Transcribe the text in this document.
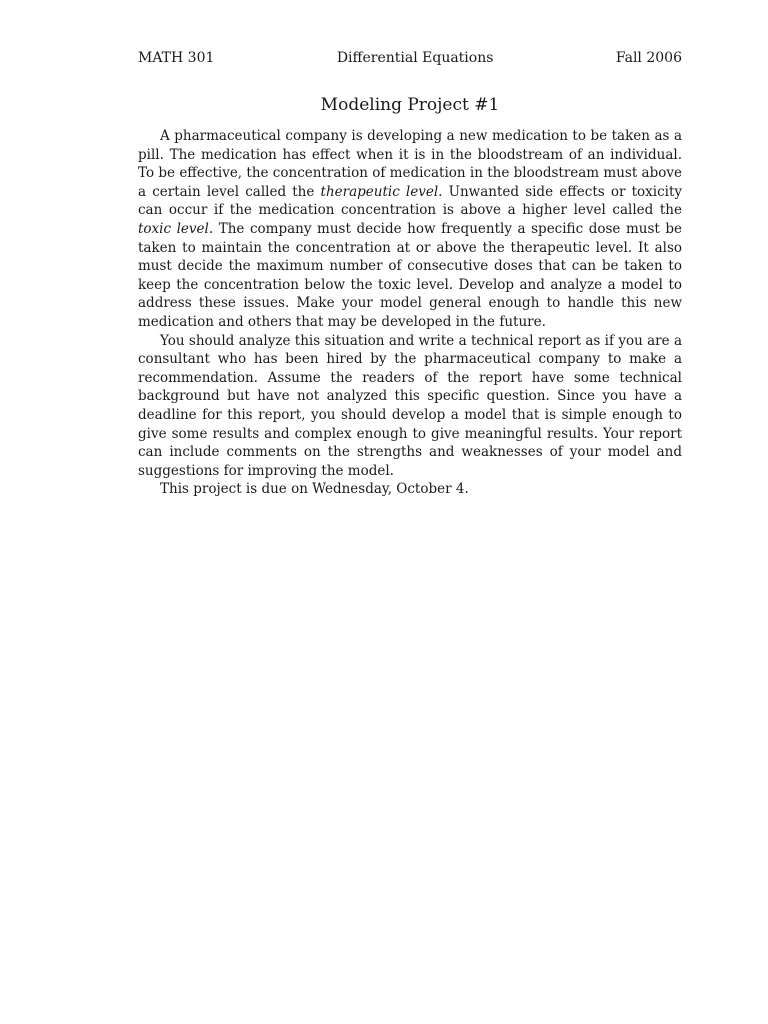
MATH 301	Differential Equations	Fall 2006
Modeling Project #1

A pharmaceutical company is developing a new medication to be taken as a pill. The medication has effect when it is in the bloodstream of an individual. To be effective, the concentration of medication in the bloodstream must above a certain level called the therapeutic level. Unwanted side effects or toxicity can occur if the medication concentration is above a higher level called the toxic level. The company must decide how frequently a specific dose must be taken to maintain the concentration at or above the therapeutic level. It also must decide the maximum number of consecutive doses that can be taken to keep the concentration below the toxic level. Develop and analyze a model to address these issues. Make your model general enough to handle this new medication and others that may be developed in the future.

You should analyze this situation and write a technical report as if you are a consultant who has been hired by the pharmaceutical company to make a recommendation. Assume the readers of the report have some technical background but have not analyzed this specific question. Since you have a deadline for this report, you should develop a model that is simple enough to give some results and complex enough to give meaningful results. Your report can include comments on the strengths and weaknesses of your model and suggestions for improving the model.

This project is due on Wednesday, October 4.
